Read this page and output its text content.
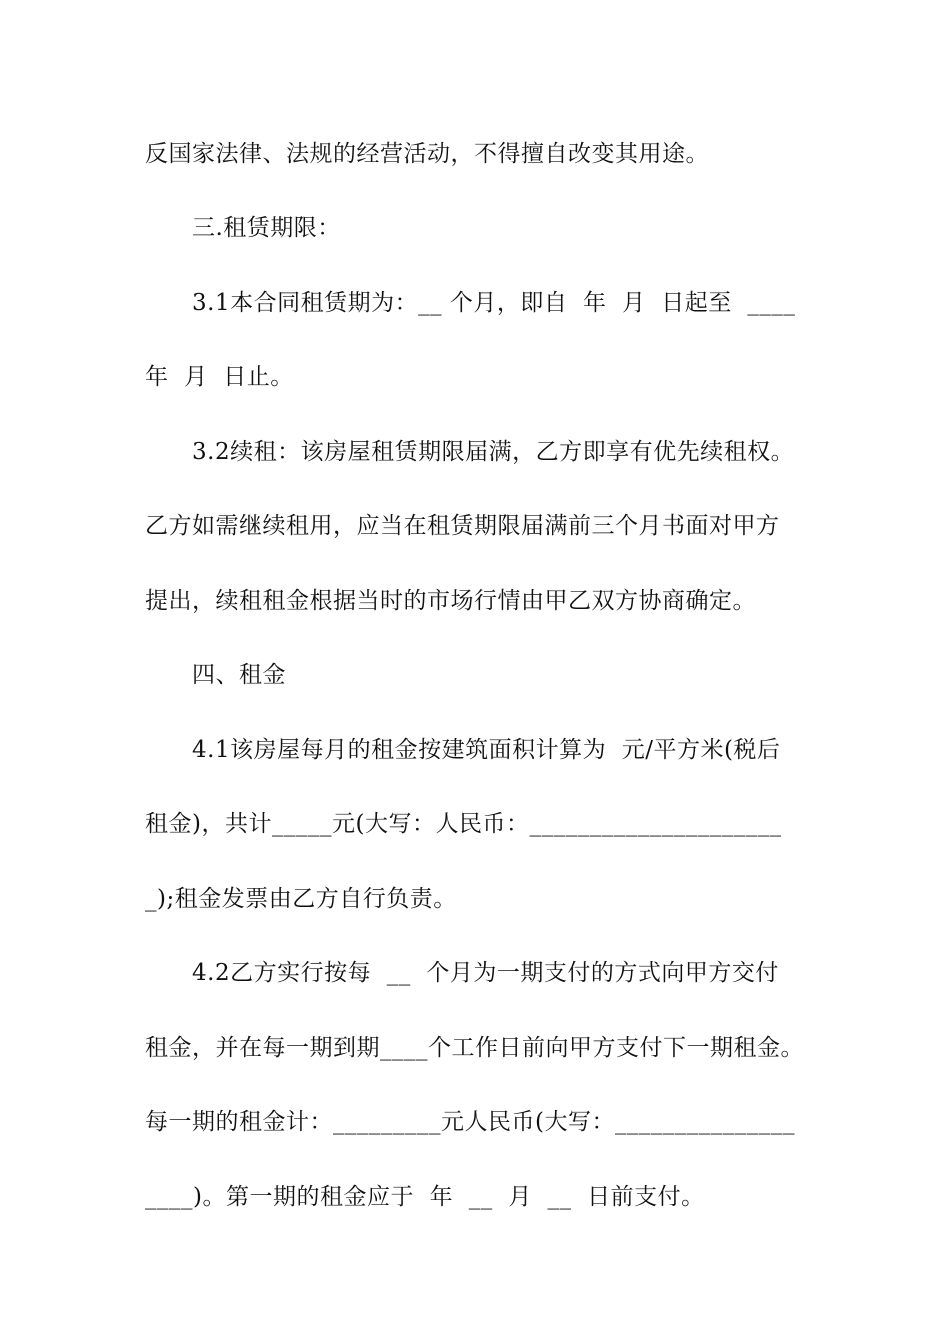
反国家法律、法规的经营活动，不得擅自改变其用途。
三.租赁期限：
3.1本合同租赁期为：__ 个月，即自  年  月  日起至  ____
年  月  日止。
3.2续租：该房屋租赁期限届满，乙方即享有优先续租权。
乙方如需继续租用，应当在租赁期限届满前三个月书面对甲方
提出，续租租金根据当时的市场行情由甲乙双方协商确定。
四、租金
4.1该房屋每月的租金按建筑面积计算为  元/平方米(税后
租金)，共计_____元(大写：人民币：_____________________
_);租金发票由乙方自行负责。
4.2乙方实行按每  __  个月为一期支付的方式向甲方交付
租金，并在每一期到期____个工作日前向甲方支付下一期租金。
每一期的租金计：_________元人民币(大写：_______________
____)。第一期的租金应于  年  __  月  __  日前支付。
